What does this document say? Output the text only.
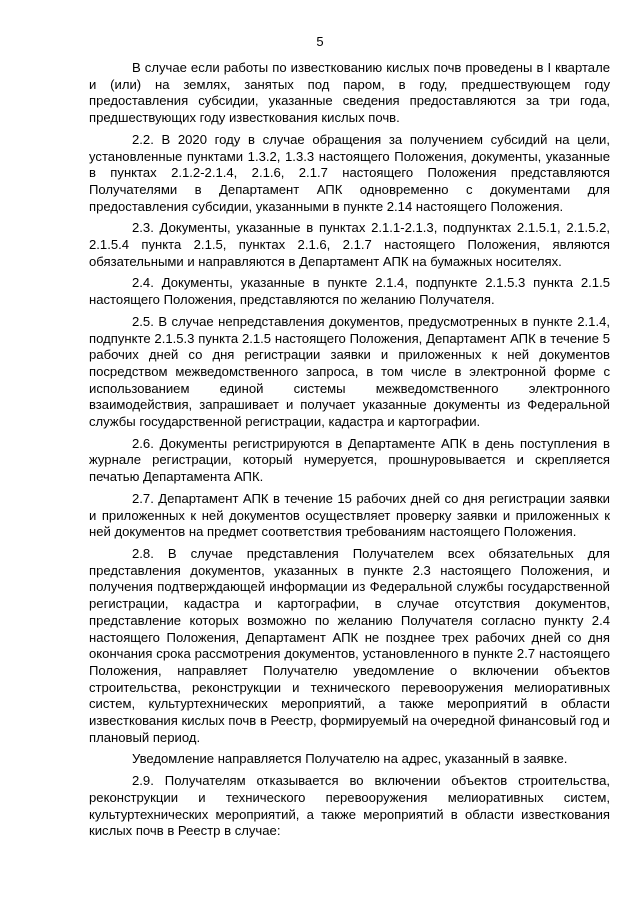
5

В случае если работы по известкованию кислых почв проведены в I квартале и (или) на землях, занятых под паром, в году, предшествующем году предоставления субсидии, указанные сведения предоставляются за три года, предшествующих году известкования кислых почв.

2.2. В 2020 году в случае обращения за получением субсидий на цели, установленные пунктами 1.3.2, 1.3.3 настоящего Положения, документы, указанные в пунктах 2.1.2-2.1.4, 2.1.6, 2.1.7 настоящего Положения представляются Получателями в Департамент АПК одновременно с документами для предоставления субсидии, указанными в пункте 2.14 настоящего Положения.

2.3. Документы, указанные в пунктах 2.1.1-2.1.3, подпунктах 2.1.5.1, 2.1.5.2, 2.1.5.4 пункта 2.1.5, пунктах 2.1.6, 2.1.7 настоящего Положения, являются обязательными и направляются в Департамент АПК на бумажных носителях.

2.4. Документы, указанные в пункте 2.1.4, подпункте 2.1.5.3 пункта 2.1.5 настоящего Положения, представляются по желанию Получателя.

2.5. В случае непредставления документов, предусмотренных в пункте 2.1.4, подпункте 2.1.5.3 пункта 2.1.5 настоящего Положения, Департамент АПК в течение 5 рабочих дней со дня регистрации заявки и приложенных к ней документов посредством межведомственного запроса, в том числе в электронной форме с использованием единой системы межведомственного электронного взаимодействия, запрашивает и получает указанные документы из Федеральной службы государственной регистрации, кадастра и картографии.

2.6. Документы регистрируются в Департаменте АПК в день поступления в журнале регистрации, который нумеруется, прошнуровывается и скрепляется печатью Департамента АПК.

2.7. Департамент АПК в течение 15 рабочих дней со дня регистрации заявки и приложенных к ней документов осуществляет проверку заявки и приложенных к ней документов на предмет соответствия требованиям настоящего Положения.

2.8. В случае представления Получателем всех обязательных для представления документов, указанных в пункте 2.3 настоящего Положения, и получения подтверждающей информации из Федеральной службы государственной регистрации, кадастра и картографии, в случае отсутствия документов, представление которых возможно по желанию Получателя согласно пункту 2.4 настоящего Положения, Департамент АПК не позднее трех рабочих дней со дня окончания срока рассмотрения документов, установленного в пункте 2.7 настоящего Положения, направляет Получателю уведомление о включении объектов строительства, реконструкции и технического перевооружения мелиоративных систем, культуртехнических мероприятий, а также мероприятий в области известкования кислых почв в Реестр, формируемый на очередной финансовый год и плановый период.

Уведомление направляется Получателю на адрес, указанный в заявке.

2.9. Получателям отказывается во включении объектов строительства, реконструкции и технического перевооружения мелиоративных систем, культуртехнических мероприятий, а также мероприятий в области известкования кислых почв в Реестр в случае:
